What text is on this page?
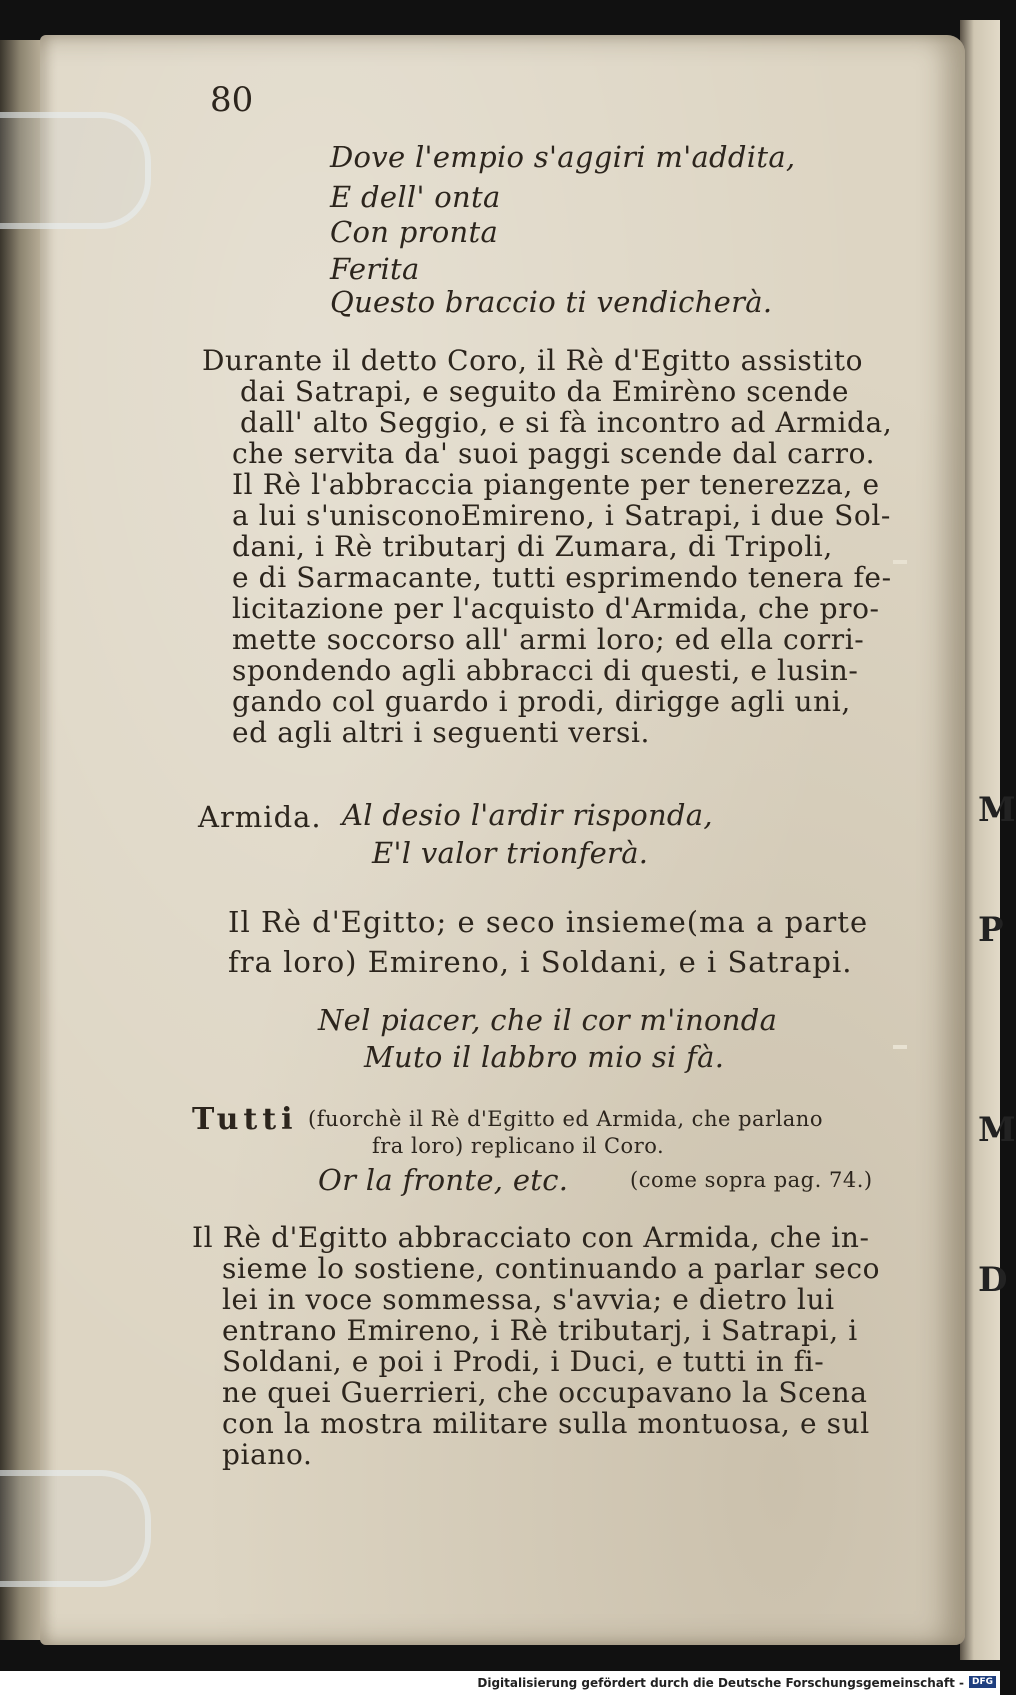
M
P
M
D
80
Dove l'empio s'aggiri m'addita,
E dell' onta
Con pronta
Ferita
Questo braccio ti vendicherà.
Durante il detto Coro, il Rè d'Egitto assistito
dai Satrapi, e seguito da Emirèno scende
dall' alto Seggio, e si fà incontro ad Armida,
che servita da' suoi paggi scende dal carro.
Il Rè l'abbraccia piangente per tenerezza, e
a lui s'unisconoEmireno, i Satrapi, i due Sol-
dani, i Rè tributarj di Zumara, di Tripoli,
e di Sarmacante, tutti esprimendo tenera fe-
licitazione per l'acquisto d'Armida, che pro-
mette soccorso all' armi loro; ed ella corri-
spondendo agli abbracci di questi, e lusin-
gando col guardo i prodi, dirigge agli uni,
ed agli altri i seguenti versi.
Armida. Al desio l'ardir risponda,
E'l valor trionferà.
Il Rè d'Egitto; e seco insieme(ma a parte
fra loro) Emireno, i Soldani, e i Satrapi.
Nel piacer, che il cor m'inonda
Muto il labbro mio si fà.
Tutti (fuorchè il Rè d'Egitto ed Armida, che parlano
fra loro) replicano il Coro.
Or la fronte, etc.	(come sopra pag. 74.)
Il Rè d'Egitto abbracciato con Armida, che in-
sieme lo sostiene, continuando a parlar seco
lei in voce sommessa, s'avvia; e dietro lui
entrano Emireno, i Rè tributarj, i Satrapi, i
Soldani, e poi i Prodi, i Duci, e tutti in fi-
ne quei Guerrieri, che occupavano la Scena
con la mostra militare sulla montuosa, e sul
piano.
Digitalisierung gefördert durch die Deutsche Forschungsgemeinschaft - DFG
